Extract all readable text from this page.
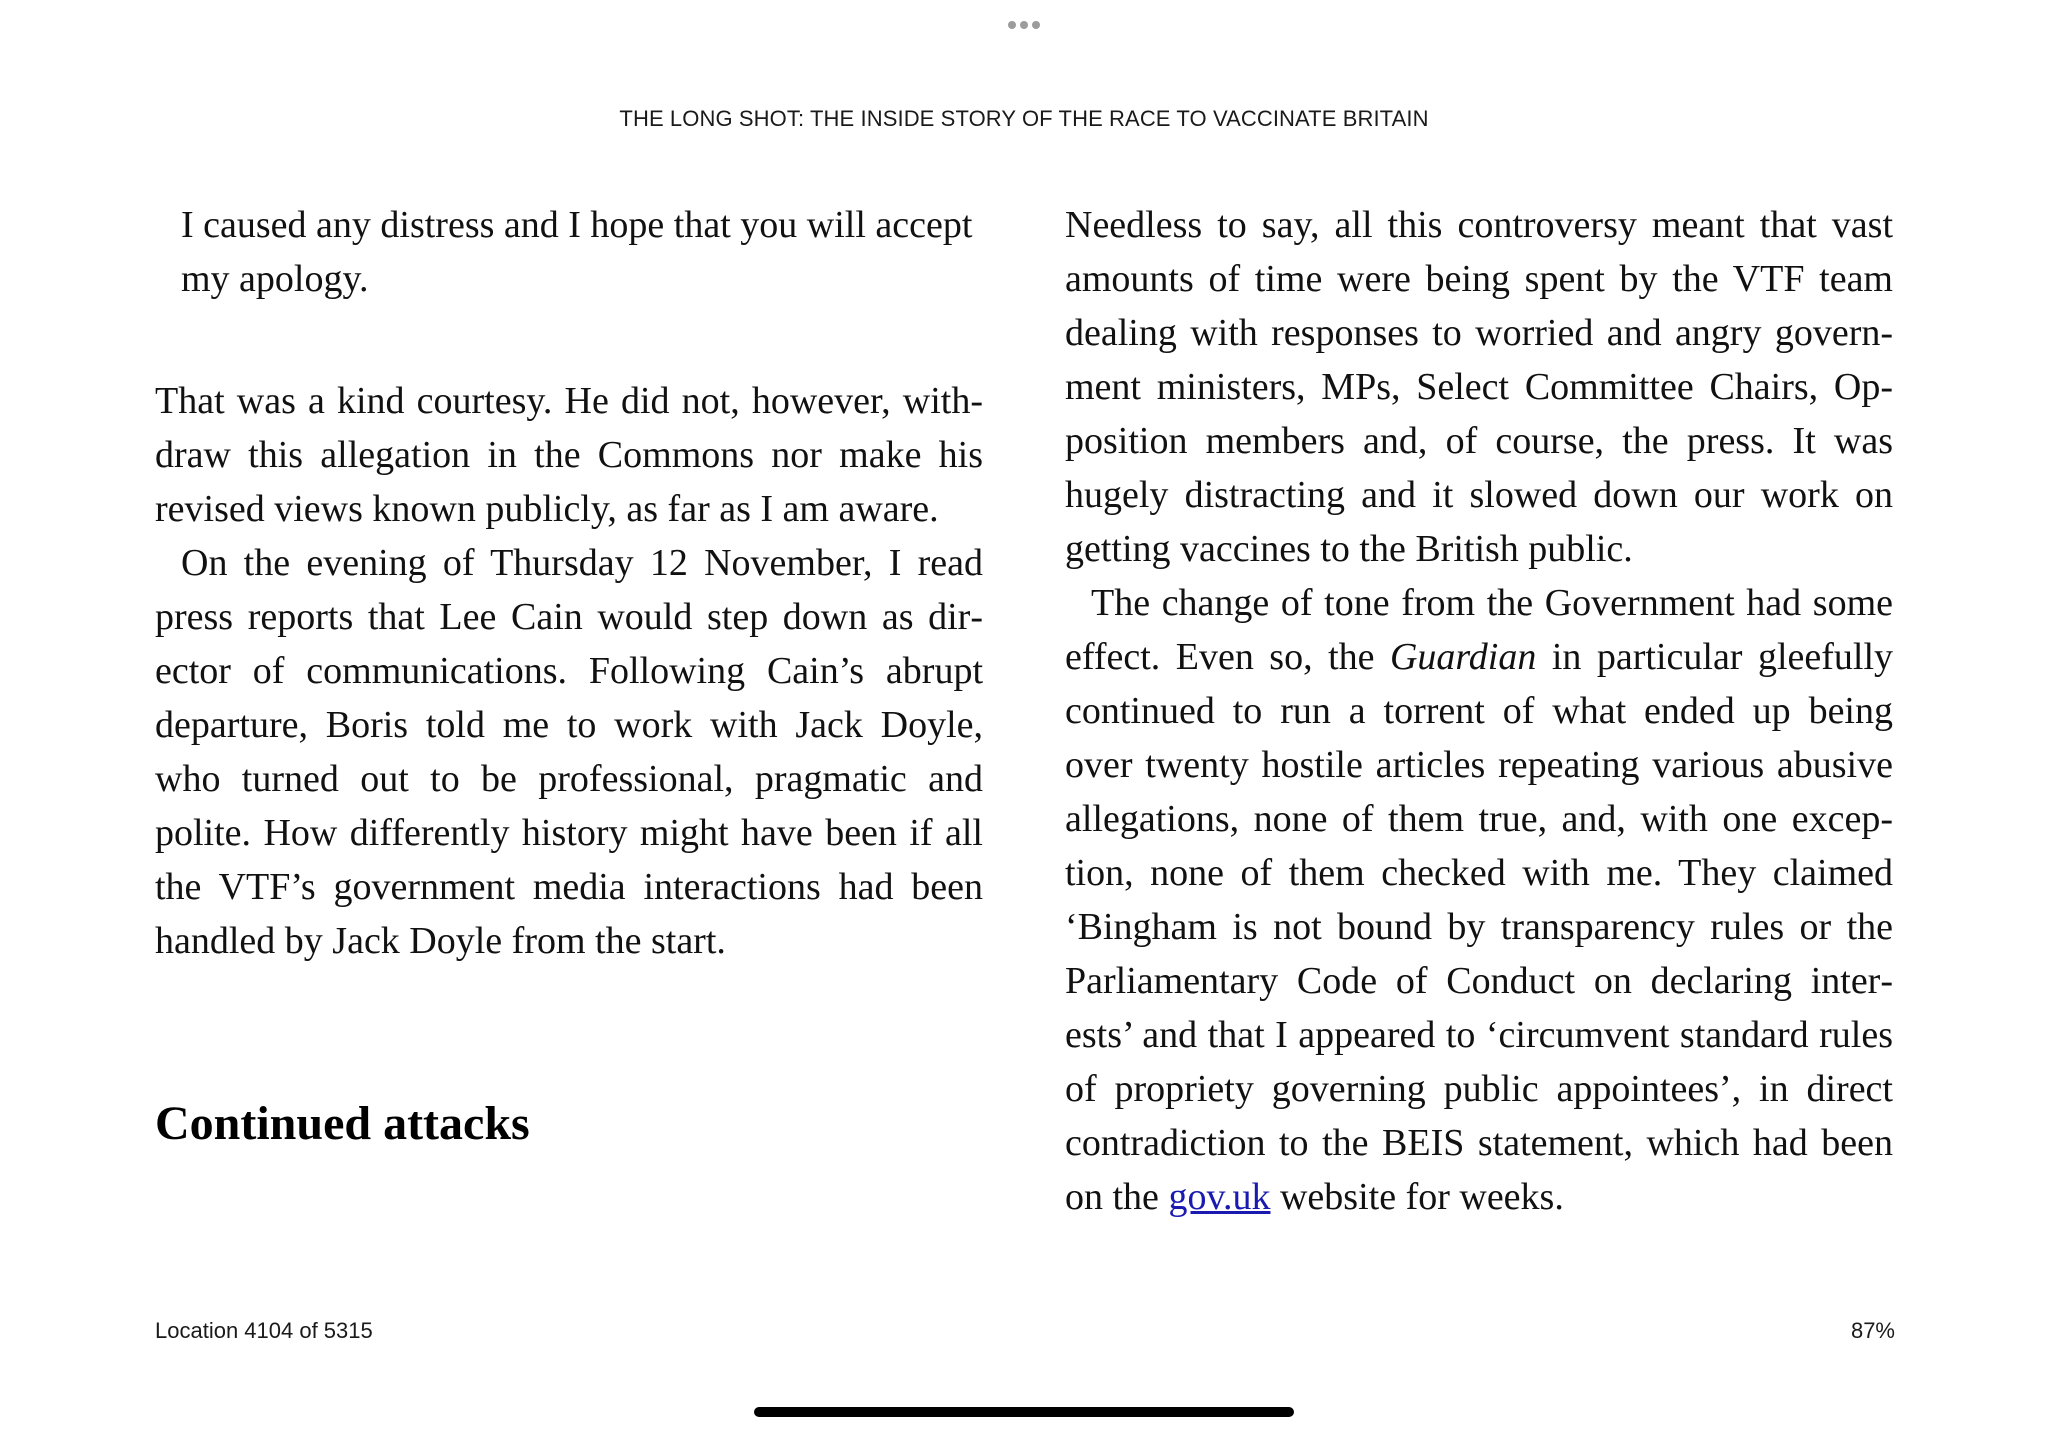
THE LONG SHOT: THE INSIDE STORY OF THE RACE TO VACCINATE BRITAIN

I caused any distress and I hope that you will accept my apology.

That was a kind courtesy. He did not, however, withdraw this allegation in the Commons nor make his revised views known publicly, as far as I am aware.

On the evening of Thursday 12 November, I read press reports that Lee Cain would step down as director of communications. Following Cain’s abrupt departure, Boris told me to work with Jack Doyle, who turned out to be professional, pragmatic and polite. How differently history might have been if all the VTF’s government media interactions had been handled by Jack Doyle from the start.

Continued attacks

Needless to say, all this controversy meant that vast amounts of time were being spent by the VTF team dealing with responses to worried and angry government ministers, MPs, Select Committee Chairs, Opposition members and, of course, the press. It was hugely distracting and it slowed down our work on getting vaccines to the British public.

The change of tone from the Government had some effect. Even so, the Guardian in particular gleefully continued to run a torrent of what ended up being over twenty hostile articles repeating various abusive allegations, none of them true, and, with one exception, none of them checked with me. They claimed ‘Bingham is not bound by transparency rules or the Parliamentary Code of Conduct on declaring interests’ and that I appeared to ‘circumvent standard rules of propriety governing public appointees’, in direct contradiction to the BEIS statement, which had been on the gov.uk website for weeks.

Location 4104 of 5315	87%
